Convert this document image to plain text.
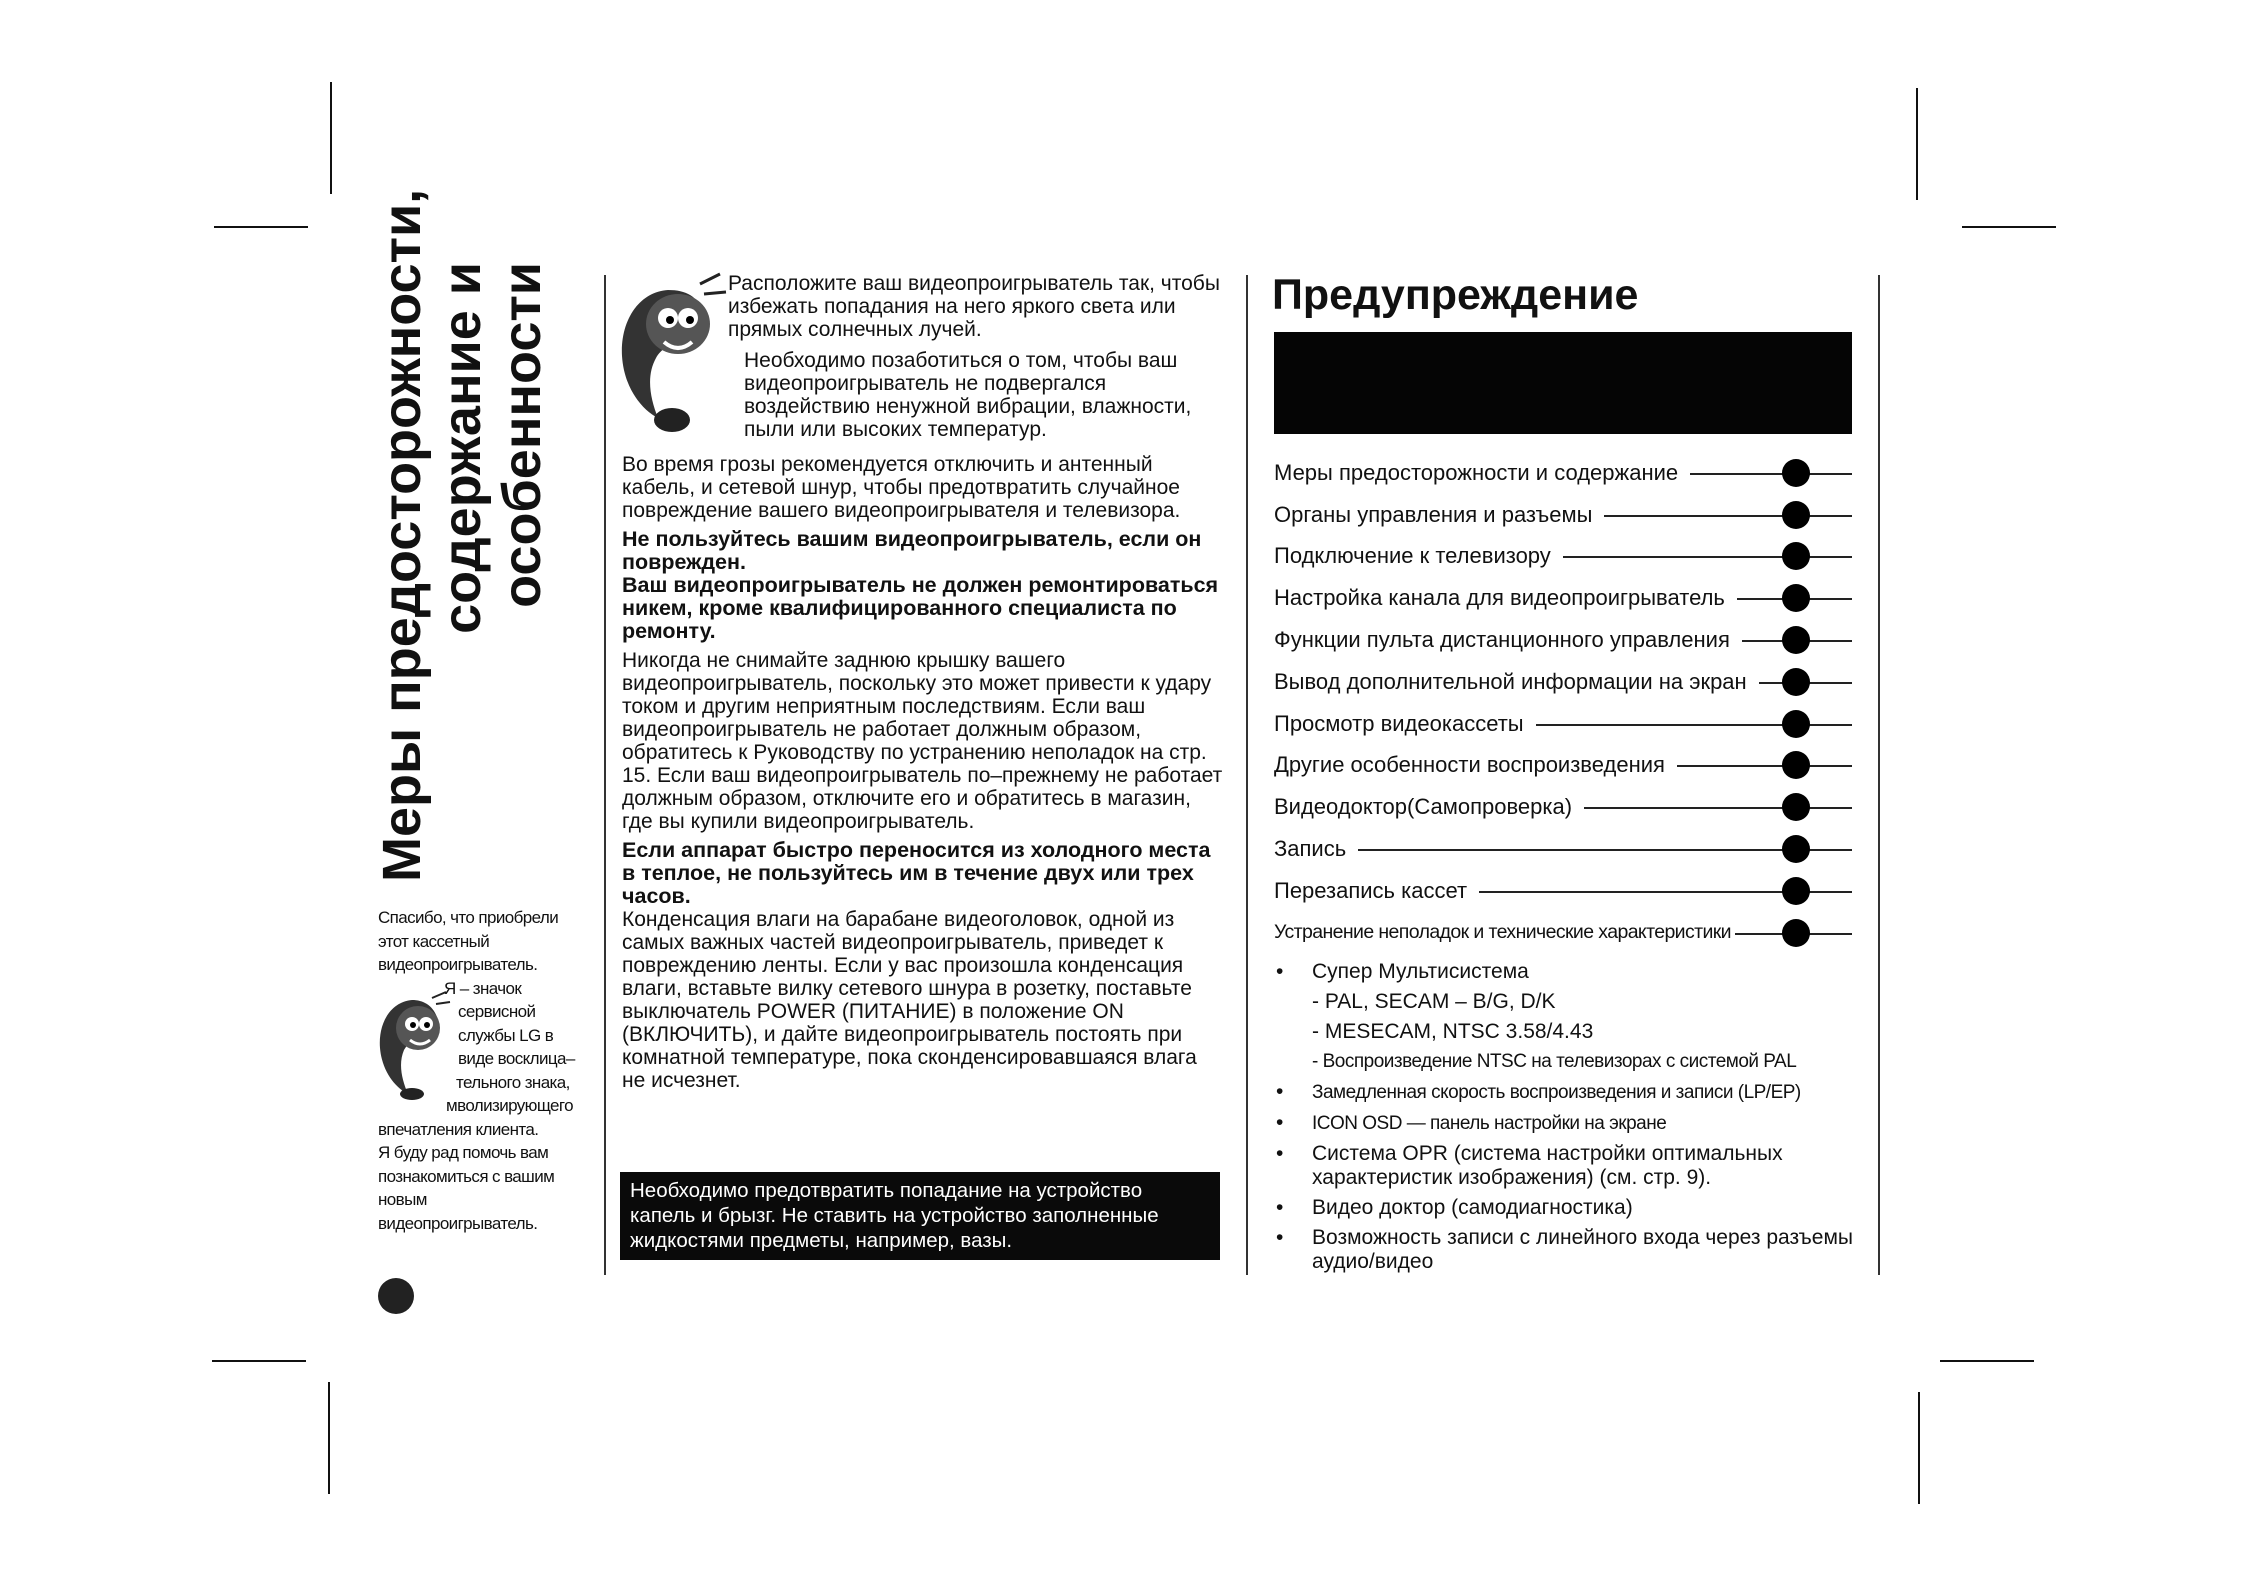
Меры предосторожности, содержание и особенности
Спасибо, что приобрели
этот кассетный
видеопроигрыватель.
Я – значок
сервисной
службы LG в
виде восклица–
тельного знака,
мволизирующего
впечатления клиента.
Я буду рад помочь вам
познакомиться с вашим
новым
видеопроигрыватель.

Расположите ваш видеопроигрыватель так, чтобы избежать попадания на него яркого света или прямых солнечных лучей.

Необходимо позаботиться о том, чтобы ваш видеопроигрыватель не подвергался воздействию ненужной вибрации, влажности, пыли или высоких температур.

Во время грозы рекомендуется отключить и антенный кабель, и сетевой шнур, чтобы предотвратить случайное повреждение вашего видеопроигрывателя и телевизора.

Не пользуйтесь вашим видеопроигрыватель, если он поврежден.

Ваш видеопроигрыватель не должен ремонтироваться никем, кроме квалифицированного специалиста по ремонту.

Никогда не снимайте заднюю крышку вашего видеопроигрыватель, поскольку это может привести к удару током и другим неприятным последствиям. Если ваш видеопроигрыватель не работает должным образом, обратитесь к Руководству по устранению неполадок на стр. 15. Если ваш видеопроигрыватель по–прежнему не работает должным образом, отключите его и обратитесь в магазин, где вы купили видеопроигрыватель.

Если аппарат быстро переносится из холодного места в теплое, не пользуйтесь им в течение двух или трех часов.

Конденсация влаги на барабане видеоголовок, одной из самых важных частей видеопроигрыватель, приведет к повреждению ленты. Если у вас произошла конденсация влаги, вставьте вилку сетевого шнура в розетку, поставьте выключатель POWER (ПИТАНИЕ) в положение ON (ВКЛЮЧИТЬ), и дайте видеопроигрыватель постоять при комнатной температуре, пока сконденсировавшаяся влага не исчезнет.

Необходимо предотвратить попадание на устройство капель и брызг. Не ставить на устройство заполненные жидкостями предметы, например, вазы.
Предупреждение
Меры предосторожности и содержание
Органы управления и разъемы
Подключение к телевизору
Настройка канала для видеопроигрыватель
Функции пульта дистанционного управления
Вывод дополнительной информации на экран
Просмотр видеокассеты
Другие особенности воспроизведения
Видеодоктор(Самопроверка)
Запись
Перезапись кассет
Устранение неполадок и технические характеристики
• Супер Мультисистема
- PAL, SECAM – B/G, D/K
- MESECAM, NTSC 3.58/4.43
- Воспроизведение NTSC на телевизорах с системой PAL
• Замедленная скорость воспроизведения и записи (LP/EP)
• ICON OSD — панель настройки на экране
• Система OPR (система настройки оптимальных характеристик изображения) (см. стр. 9).
• Видео доктор (самодиагностика)
• Возможность записи с линейного входа через разъемы аудио/видео
